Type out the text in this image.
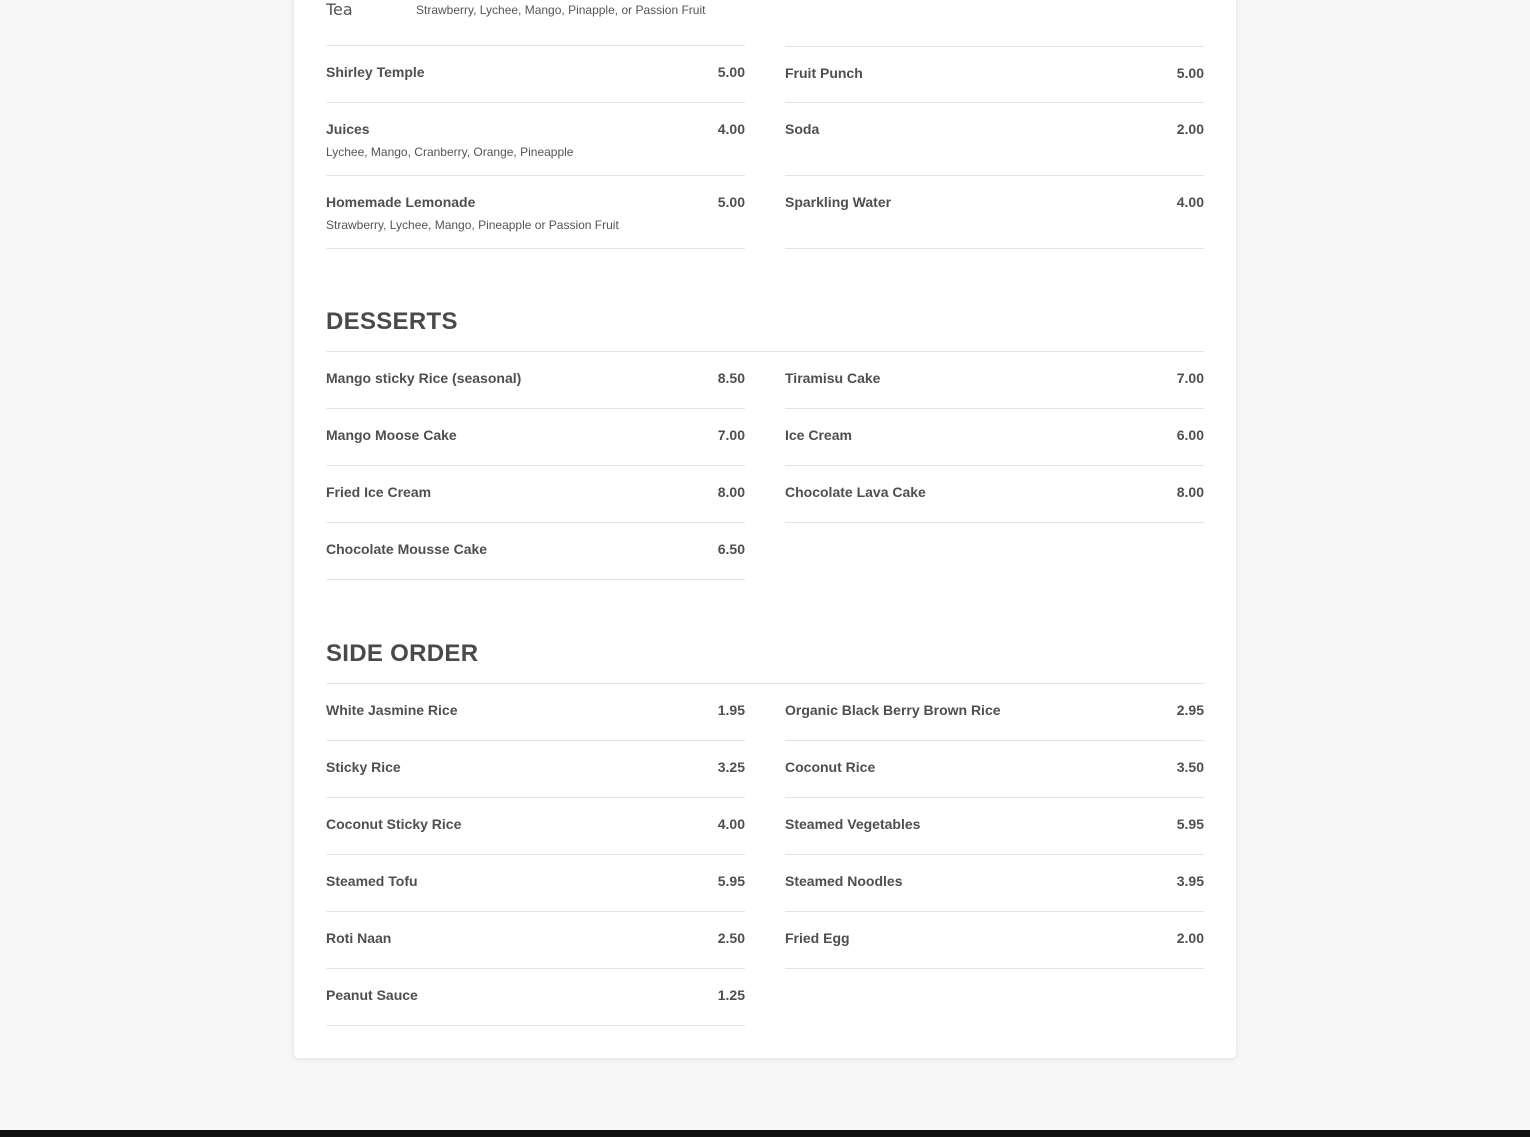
Tea	Strawberry, Lychee, Mango, Pinapple, or Passion Fruit
Shirley Temple	5.00
Juices	4.00
Lychee, Mango, Cranberry, Orange, Pineapple
Homemade Lemonade	5.00
Strawberry, Lychee, Mango, Pineapple or Passion Fruit
Fruit Punch	5.00
Soda	2.00
Sparkling Water	4.00
DESSERTS
Mango sticky Rice (seasonal)	8.50
Mango Moose Cake	7.00
Fried Ice Cream	8.00
Chocolate Mousse Cake	6.50
Tiramisu Cake	7.00
Ice Cream	6.00
Chocolate Lava Cake	8.00
SIDE ORDER
White Jasmine Rice	1.95
Sticky Rice	3.25
Coconut Sticky Rice	4.00
Steamed Tofu	5.95
Roti Naan	2.50
Peanut Sauce	1.25
Organic Black Berry Brown Rice	2.95
Coconut Rice	3.50
Steamed Vegetables	5.95
Steamed Noodles	3.95
Fried Egg	2.00
